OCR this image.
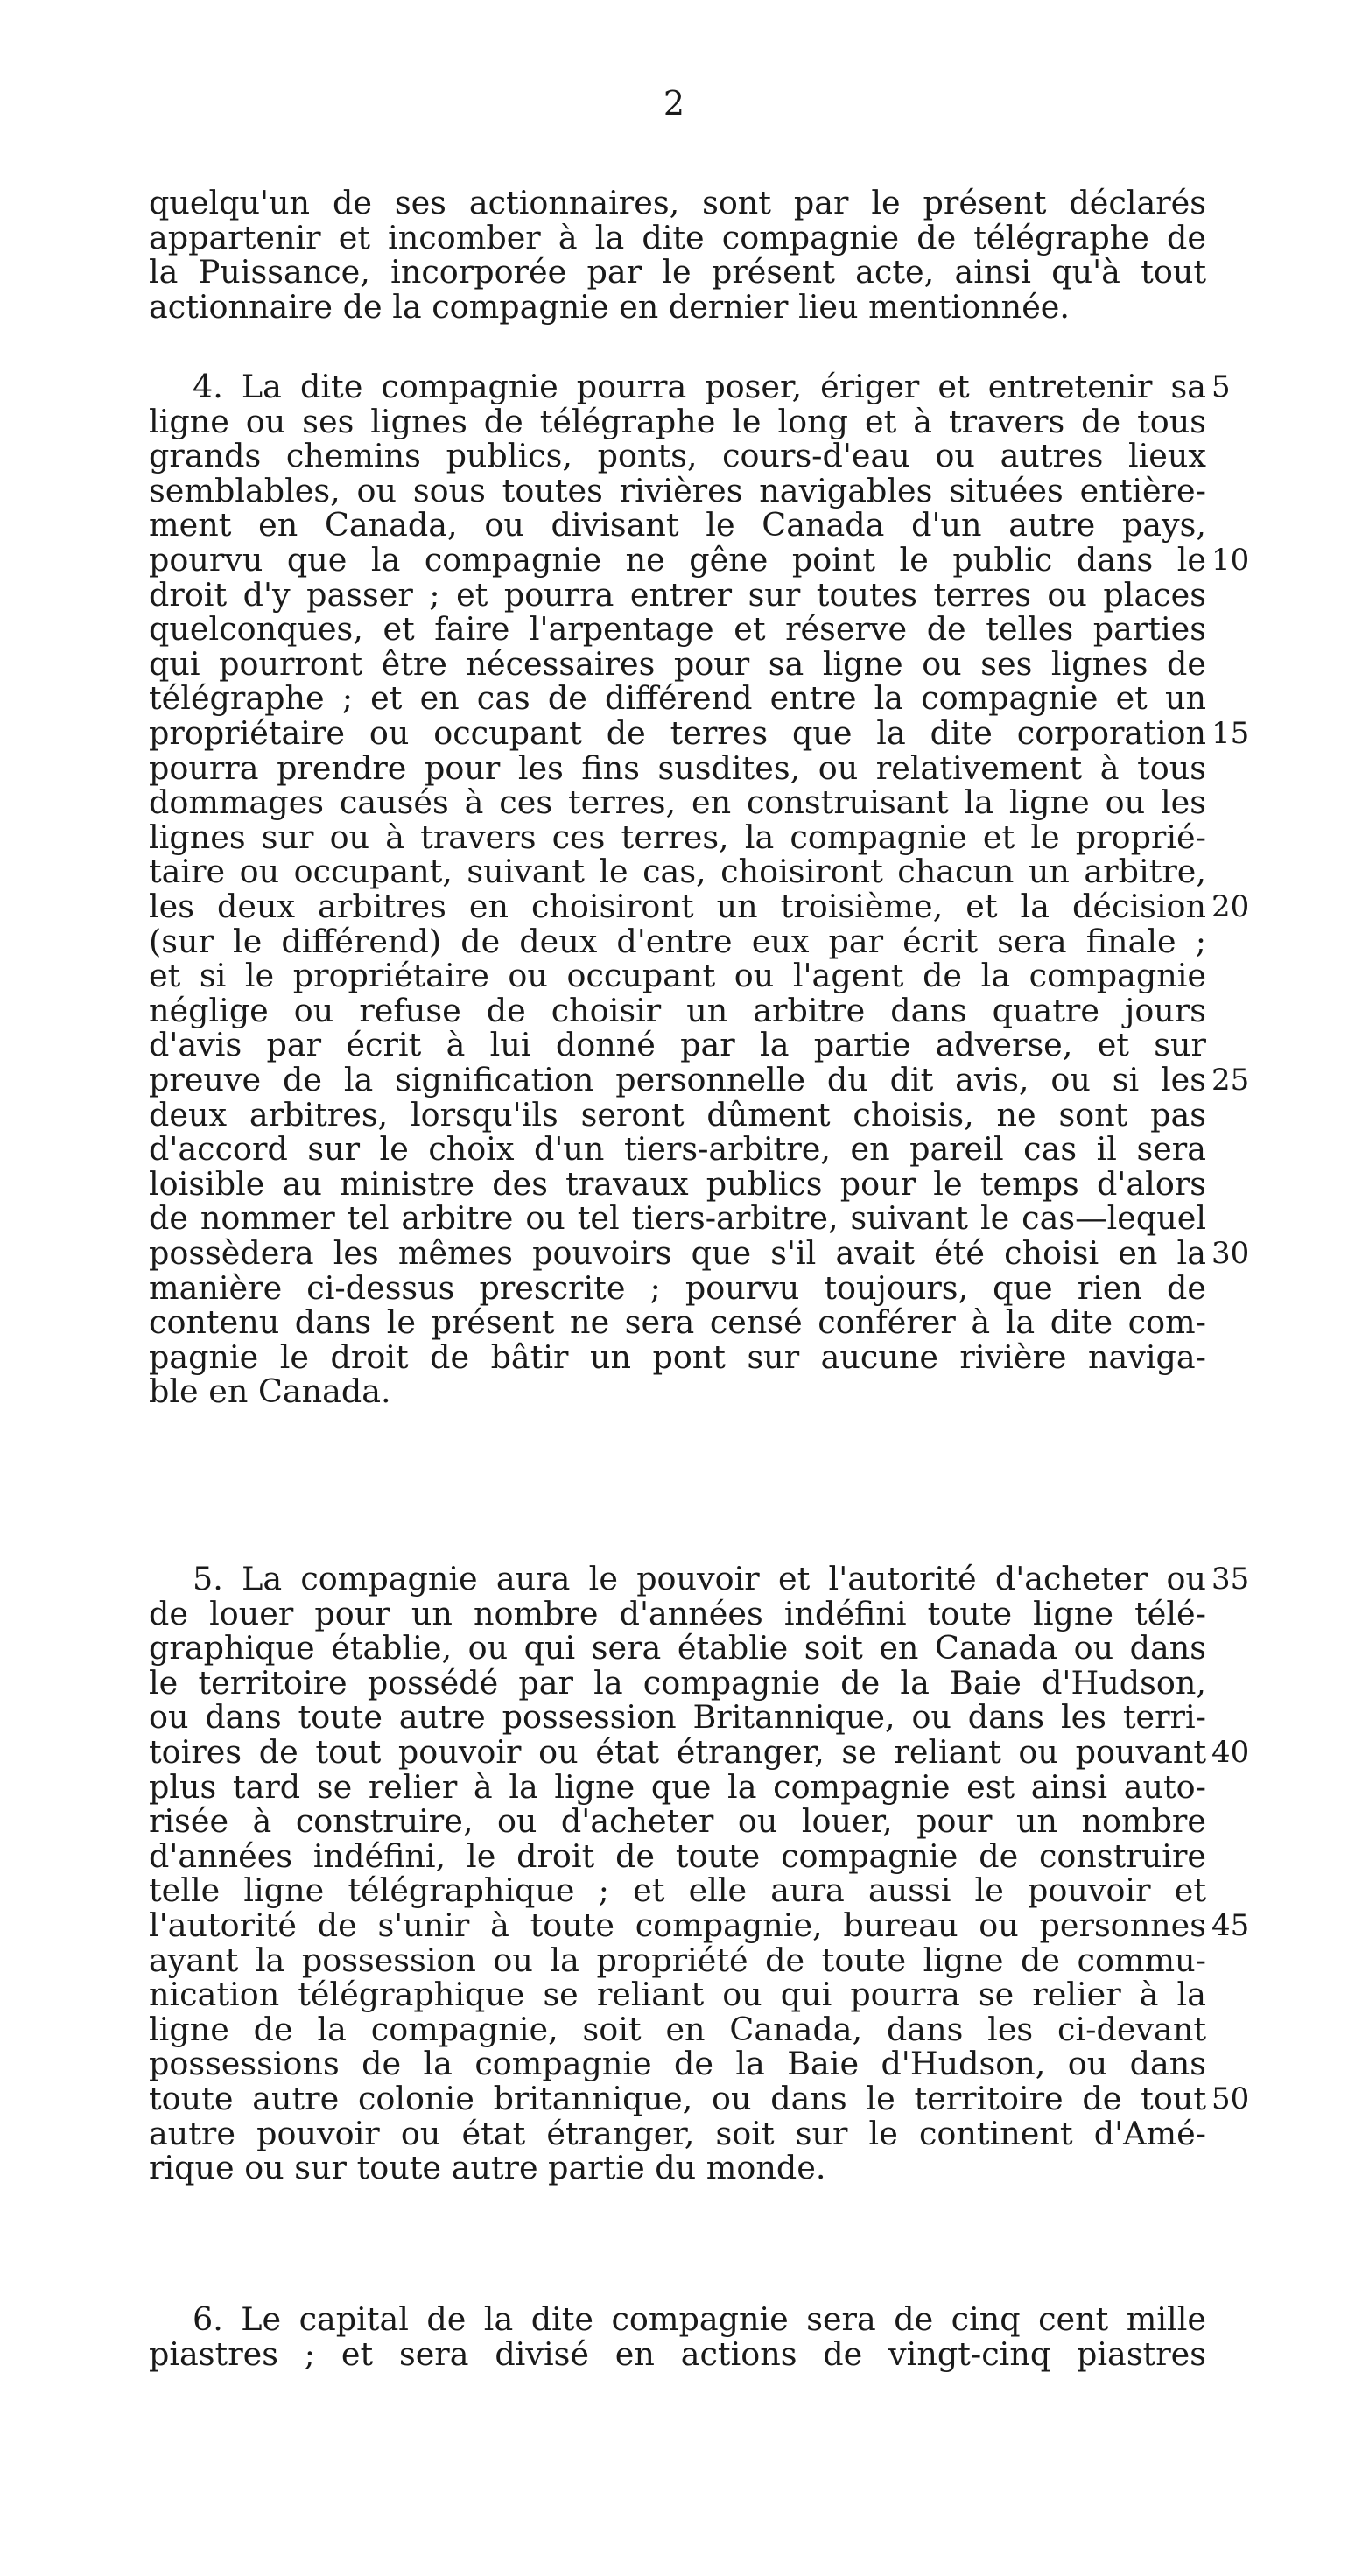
2
quelqu'un de ses actionnaires, sont par le présent déclarés
appartenir et incomber à la dite compagnie de télégraphe de
la Puissance, incorporée par le présent acte, ainsi qu'à tout
actionnaire de la compagnie en dernier lieu mentionnée.
4. La dite compagnie pourra poser, ériger et entretenir sa 5
ligne ou ses lignes de télégraphe le long et à travers de tous
grands chemins publics, ponts, cours-d'eau ou autres lieux
semblables, ou sous toutes rivières navigables situées entière-
ment en Canada, ou divisant le Canada d'un autre pays,
pourvu que la compagnie ne gêne point le public dans le 10
droit d'y passer ; et pourra entrer sur toutes terres ou places
quelconques, et faire l'arpentage et réserve de telles parties
qui pourront être nécessaires pour sa ligne ou ses lignes de
télégraphe ; et en cas de différend entre la compagnie et un
propriétaire ou occupant de terres que la dite corporation 15
pourra prendre pour les fins susdites, ou relativement à tous
dommages causés à ces terres, en construisant la ligne ou les
lignes sur ou à travers ces terres, la compagnie et le proprié-
taire ou occupant, suivant le cas, choisiront chacun un arbitre,
les deux arbitres en choisiront un troisième, et la décision 20
(sur le différend) de deux d'entre eux par écrit sera finale ;
et si le propriétaire ou occupant ou l'agent de la compagnie
néglige ou refuse de choisir un arbitre dans quatre jours
d'avis par écrit à lui donné par la partie adverse, et sur
preuve de la signification personnelle du dit avis, ou si les 25
deux arbitres, lorsqu'ils seront dûment choisis, ne sont pas
d'accord sur le choix d'un tiers-arbitre, en pareil cas il sera
loisible au ministre des travaux publics pour le temps d'alors
de nommer tel arbitre ou tel tiers-arbitre, suivant le cas—lequel
possèdera les mêmes pouvoirs que s'il avait été choisi en la 30
manière ci-dessus prescrite ; pourvu toujours, que rien de
contenu dans le présent ne sera censé conférer à la dite com-
pagnie le droit de bâtir un pont sur aucune rivière naviga-
ble en Canada.
5. La compagnie aura le pouvoir et l'autorité d'acheter ou 35
de louer pour un nombre d'années indéfini toute ligne télé-
graphique établie, ou qui sera établie soit en Canada ou dans
le territoire possédé par la compagnie de la Baie d'Hudson,
ou dans toute autre possession Britannique, ou dans les terri-
toires de tout pouvoir ou état étranger, se reliant ou pouvant 40
plus tard se relier à la ligne que la compagnie est ainsi auto-
risée à construire, ou d'acheter ou louer, pour un nombre
d'années indéfini, le droit de toute compagnie de construire
telle ligne télégraphique ; et elle aura aussi le pouvoir et
l'autorité de s'unir à toute compagnie, bureau ou personnes 45
ayant la possession ou la propriété de toute ligne de commu-
nication télégraphique se reliant ou qui pourra se relier à la
ligne de la compagnie, soit en Canada, dans les ci-devant
possessions de la compagnie de la Baie d'Hudson, ou dans
toute autre colonie britannique, ou dans le territoire de tout 50
autre pouvoir ou état étranger, soit sur le continent d'Amé-
rique ou sur toute autre partie du monde.
6. Le capital de la dite compagnie sera de cinq cent mille
piastres ; et sera divisé en actions de vingt-cinq piastres
